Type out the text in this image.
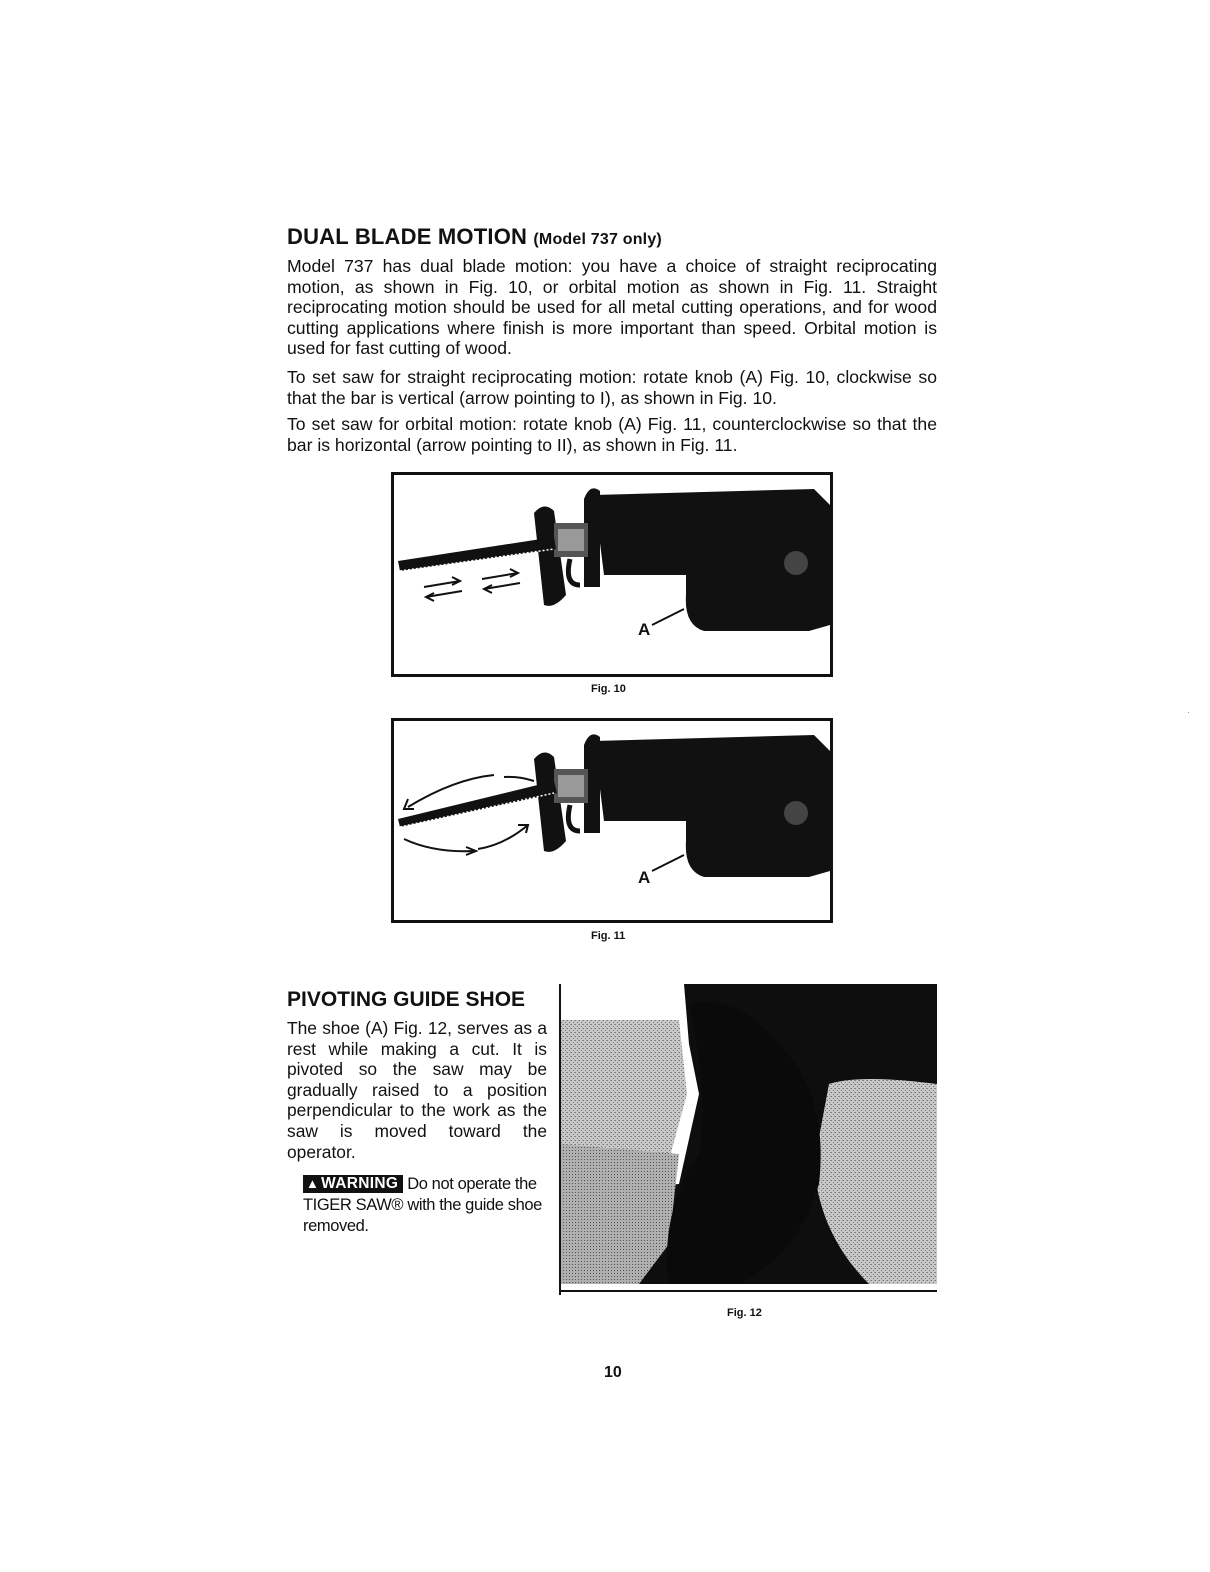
DUAL BLADE MOTION (Model 737 only)

Model 737 has dual blade motion: you have a choice of straight reciprocating motion, as shown in Fig. 10, or orbital motion as shown in Fig. 11. Straight reciprocating motion should be used for all metal cutting operations, and for wood cutting applications where finish is more important than speed. Orbital motion is used for fast cutting of wood.

To set saw for straight reciprocating motion: rotate knob (A) Fig. 10, clockwise so that the bar is vertical (arrow pointing to I), as shown in Fig. 10.

To set saw for orbital motion: rotate knob (A) Fig. 11, counterclockwise so that the bar is horizontal (arrow pointing to II), as shown in Fig. 11.

A
Fig. 10
A
Fig. 11
PIVOTING GUIDE SHOE

The shoe (A) Fig. 12, serves as a rest while making a cut. It is pivoted so the saw may be gradually raised to a position perpendicular to the work as the saw is moved toward the operator.

▲ WARNING Do not operate the TIGER SAW® with the guide shoe removed.

Fig. 12
10
